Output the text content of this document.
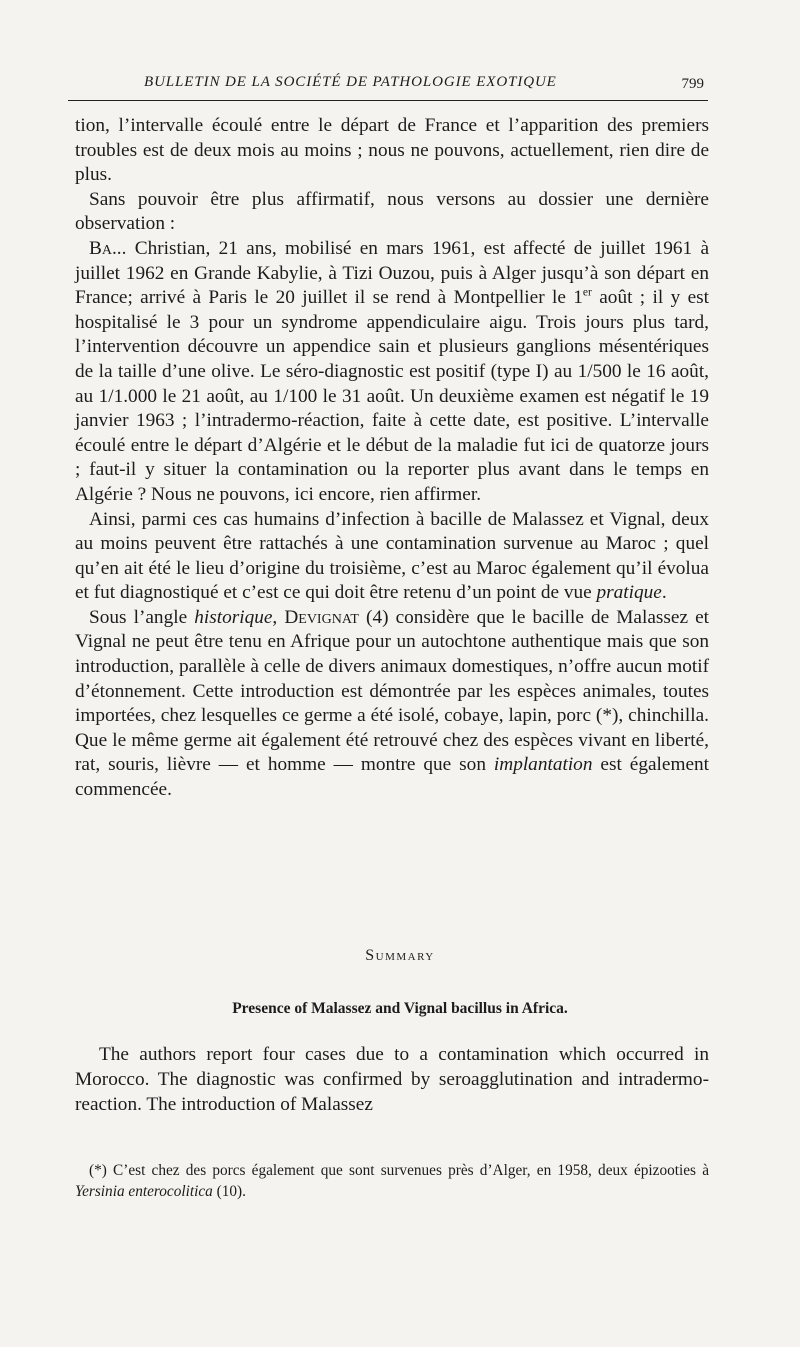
BULLETIN DE LA SOCIÉTÉ DE PATHOLOGIE EXOTIQUE	799

tion, l’intervalle écoulé entre le départ de France et l’apparition des premiers troubles est de deux mois au moins ; nous ne pouvons, actuellement, rien dire de plus.

Sans pouvoir être plus affirmatif, nous versons au dossier une dernière observation :

Ba... Christian, 21 ans, mobilisé en mars 1961, est affecté de juillet 1961 à juillet 1962 en Grande Kabylie, à Tizi Ouzou, puis à Alger jusqu’à son départ en France; arrivé à Paris le 20 juillet il se rend à Montpellier le 1er août ; il y est hospitalisé le 3 pour un syndrome appendiculaire aigu. Trois jours plus tard, l’intervention découvre un appendice sain et plusieurs ganglions mésentériques de la taille d’une olive. Le séro-diagnostic est positif (type I) au 1/500 le 16 août, au 1/1.000 le 21 août, au 1/100 le 31 août. Un deuxième examen est négatif le 19 janvier 1963 ; l’intradermo-réaction, faite à cette date, est positive. L’intervalle écoulé entre le départ d’Algérie et le début de la maladie fut ici de quatorze jours ; faut-il y situer la contamination ou la reporter plus avant dans le temps en Algérie ? Nous ne pouvons, ici encore, rien affirmer.

Ainsi, parmi ces cas humains d’infection à bacille de Malassez et Vignal, deux au moins peuvent être rattachés à une contamination survenue au Maroc ; quel qu’en ait été le lieu d’origine du troisième, c’est au Maroc également qu’il évolua et fut diagnostiqué et c’est ce qui doit être retenu d’un point de vue pratique.

Sous l’angle historique, Devignat (4) considère que le bacille de Malassez et Vignal ne peut être tenu en Afrique pour un autochtone authentique mais que son introduction, parallèle à celle de divers animaux domestiques, n’offre aucun motif d’étonnement. Cette introduction est démontrée par les espèces animales, toutes importées, chez lesquelles ce germe a été isolé, cobaye, lapin, porc (*), chinchilla. Que le même germe ait également été retrouvé chez des espèces vivant en liberté, rat, souris, lièvre — et homme — montre que son implantation est également commencée.

Summary
Presence of Malassez and Vignal bacillus in Africa.

The authors report four cases due to a contamination which occurred in Morocco. The diagnostic was confirmed by seroagglutination and intradermo-reaction. The introduction of Malassez

(*) C’est chez des porcs également que sont survenues près d’Alger, en 1958, deux épizooties à Yersinia enterocolitica (10).
